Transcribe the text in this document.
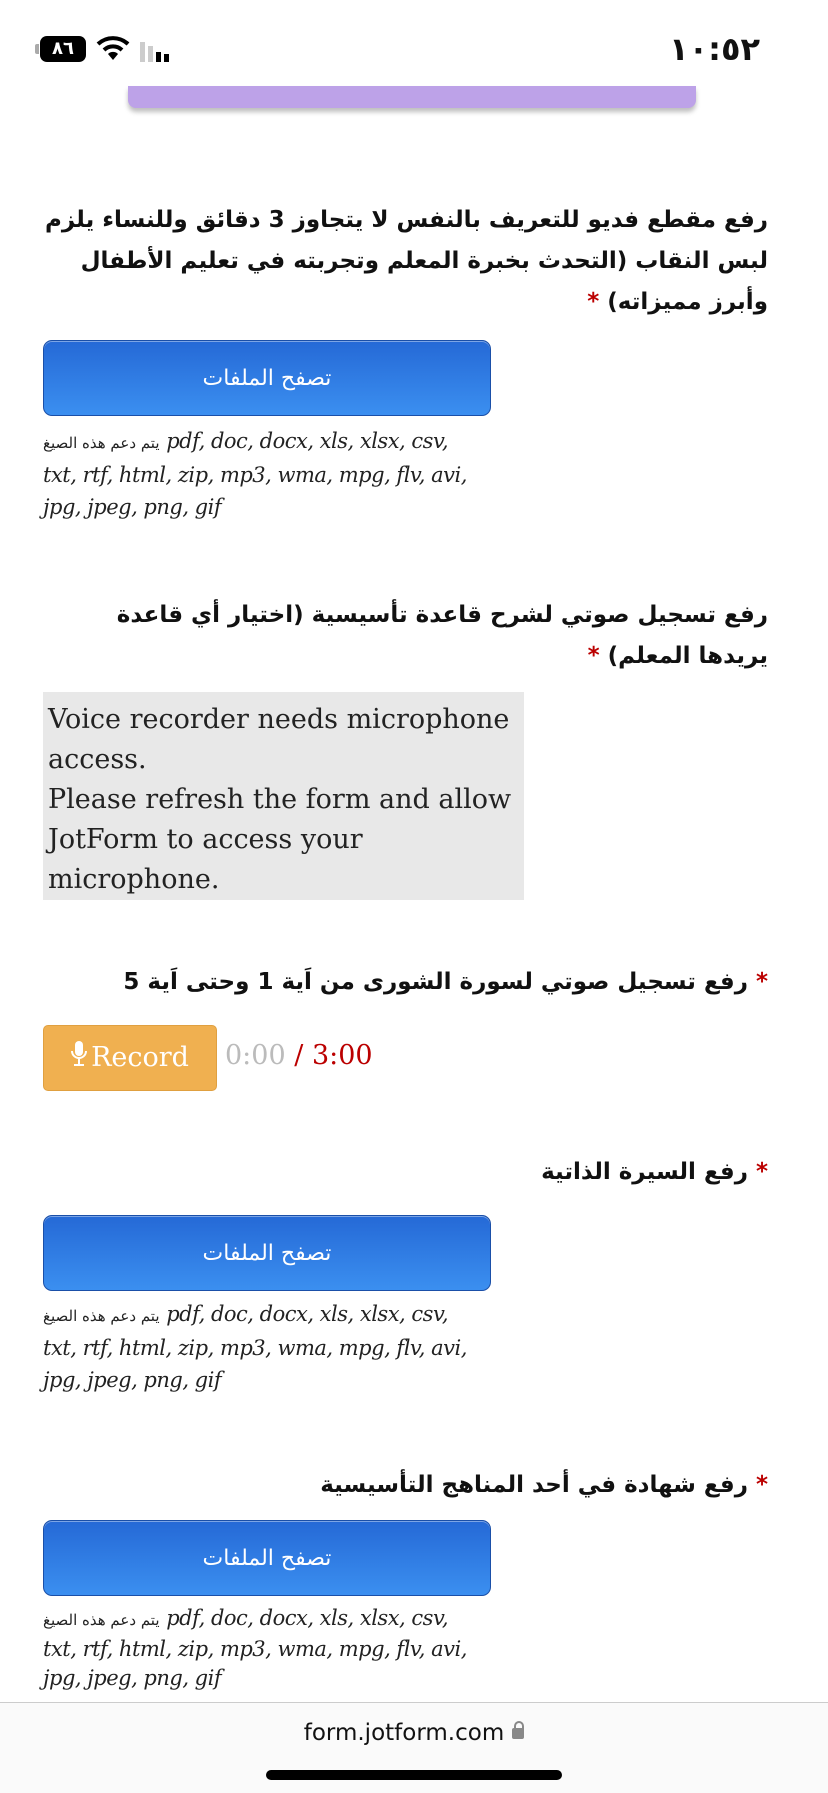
٨٦	١٠:٥٢
رفع مقطع فديو للتعريف بالنفس لا يتجاوز 3 دقائق وللنساء يلزم لبس النقاب (التحدث بخبرة المعلم وتجربته في تعليم الأطفال وأبرز مميزاته) *
تصفح الملفات
يتم دعم هذه الصيغ pdf, doc, docx, xls, xlsx, csv, txt, rtf, html, zip, mp3, wma, mpg, flv, avi, jpg, jpeg, png, gif
رفع تسجيل صوتي لشرح قاعدة تأسيسية (اختيار أي قاعدة يريدها المعلم) *
Voice recorder needs microphone access.
Please refresh the form and allow JotForm to access your microphone.
* رفع تسجيل صوتي لسورة الشورى من اَية 1 وحتى اَية 5
Record	0:00 / 3:00
* رفع السيرة الذاتية
تصفح الملفات
يتم دعم هذه الصيغ pdf, doc, docx, xls, xlsx, csv, txt, rtf, html, zip, mp3, wma, mpg, flv, avi, jpg, jpeg, png, gif
* رفع شهادة في أحد المناهج التأسيسية
تصفح الملفات
يتم دعم هذه الصيغ pdf, doc, docx, xls, xlsx, csv, txt, rtf, html, zip, mp3, wma, mpg, flv, avi, jpg, jpeg, png, gif
form.jotform.com
